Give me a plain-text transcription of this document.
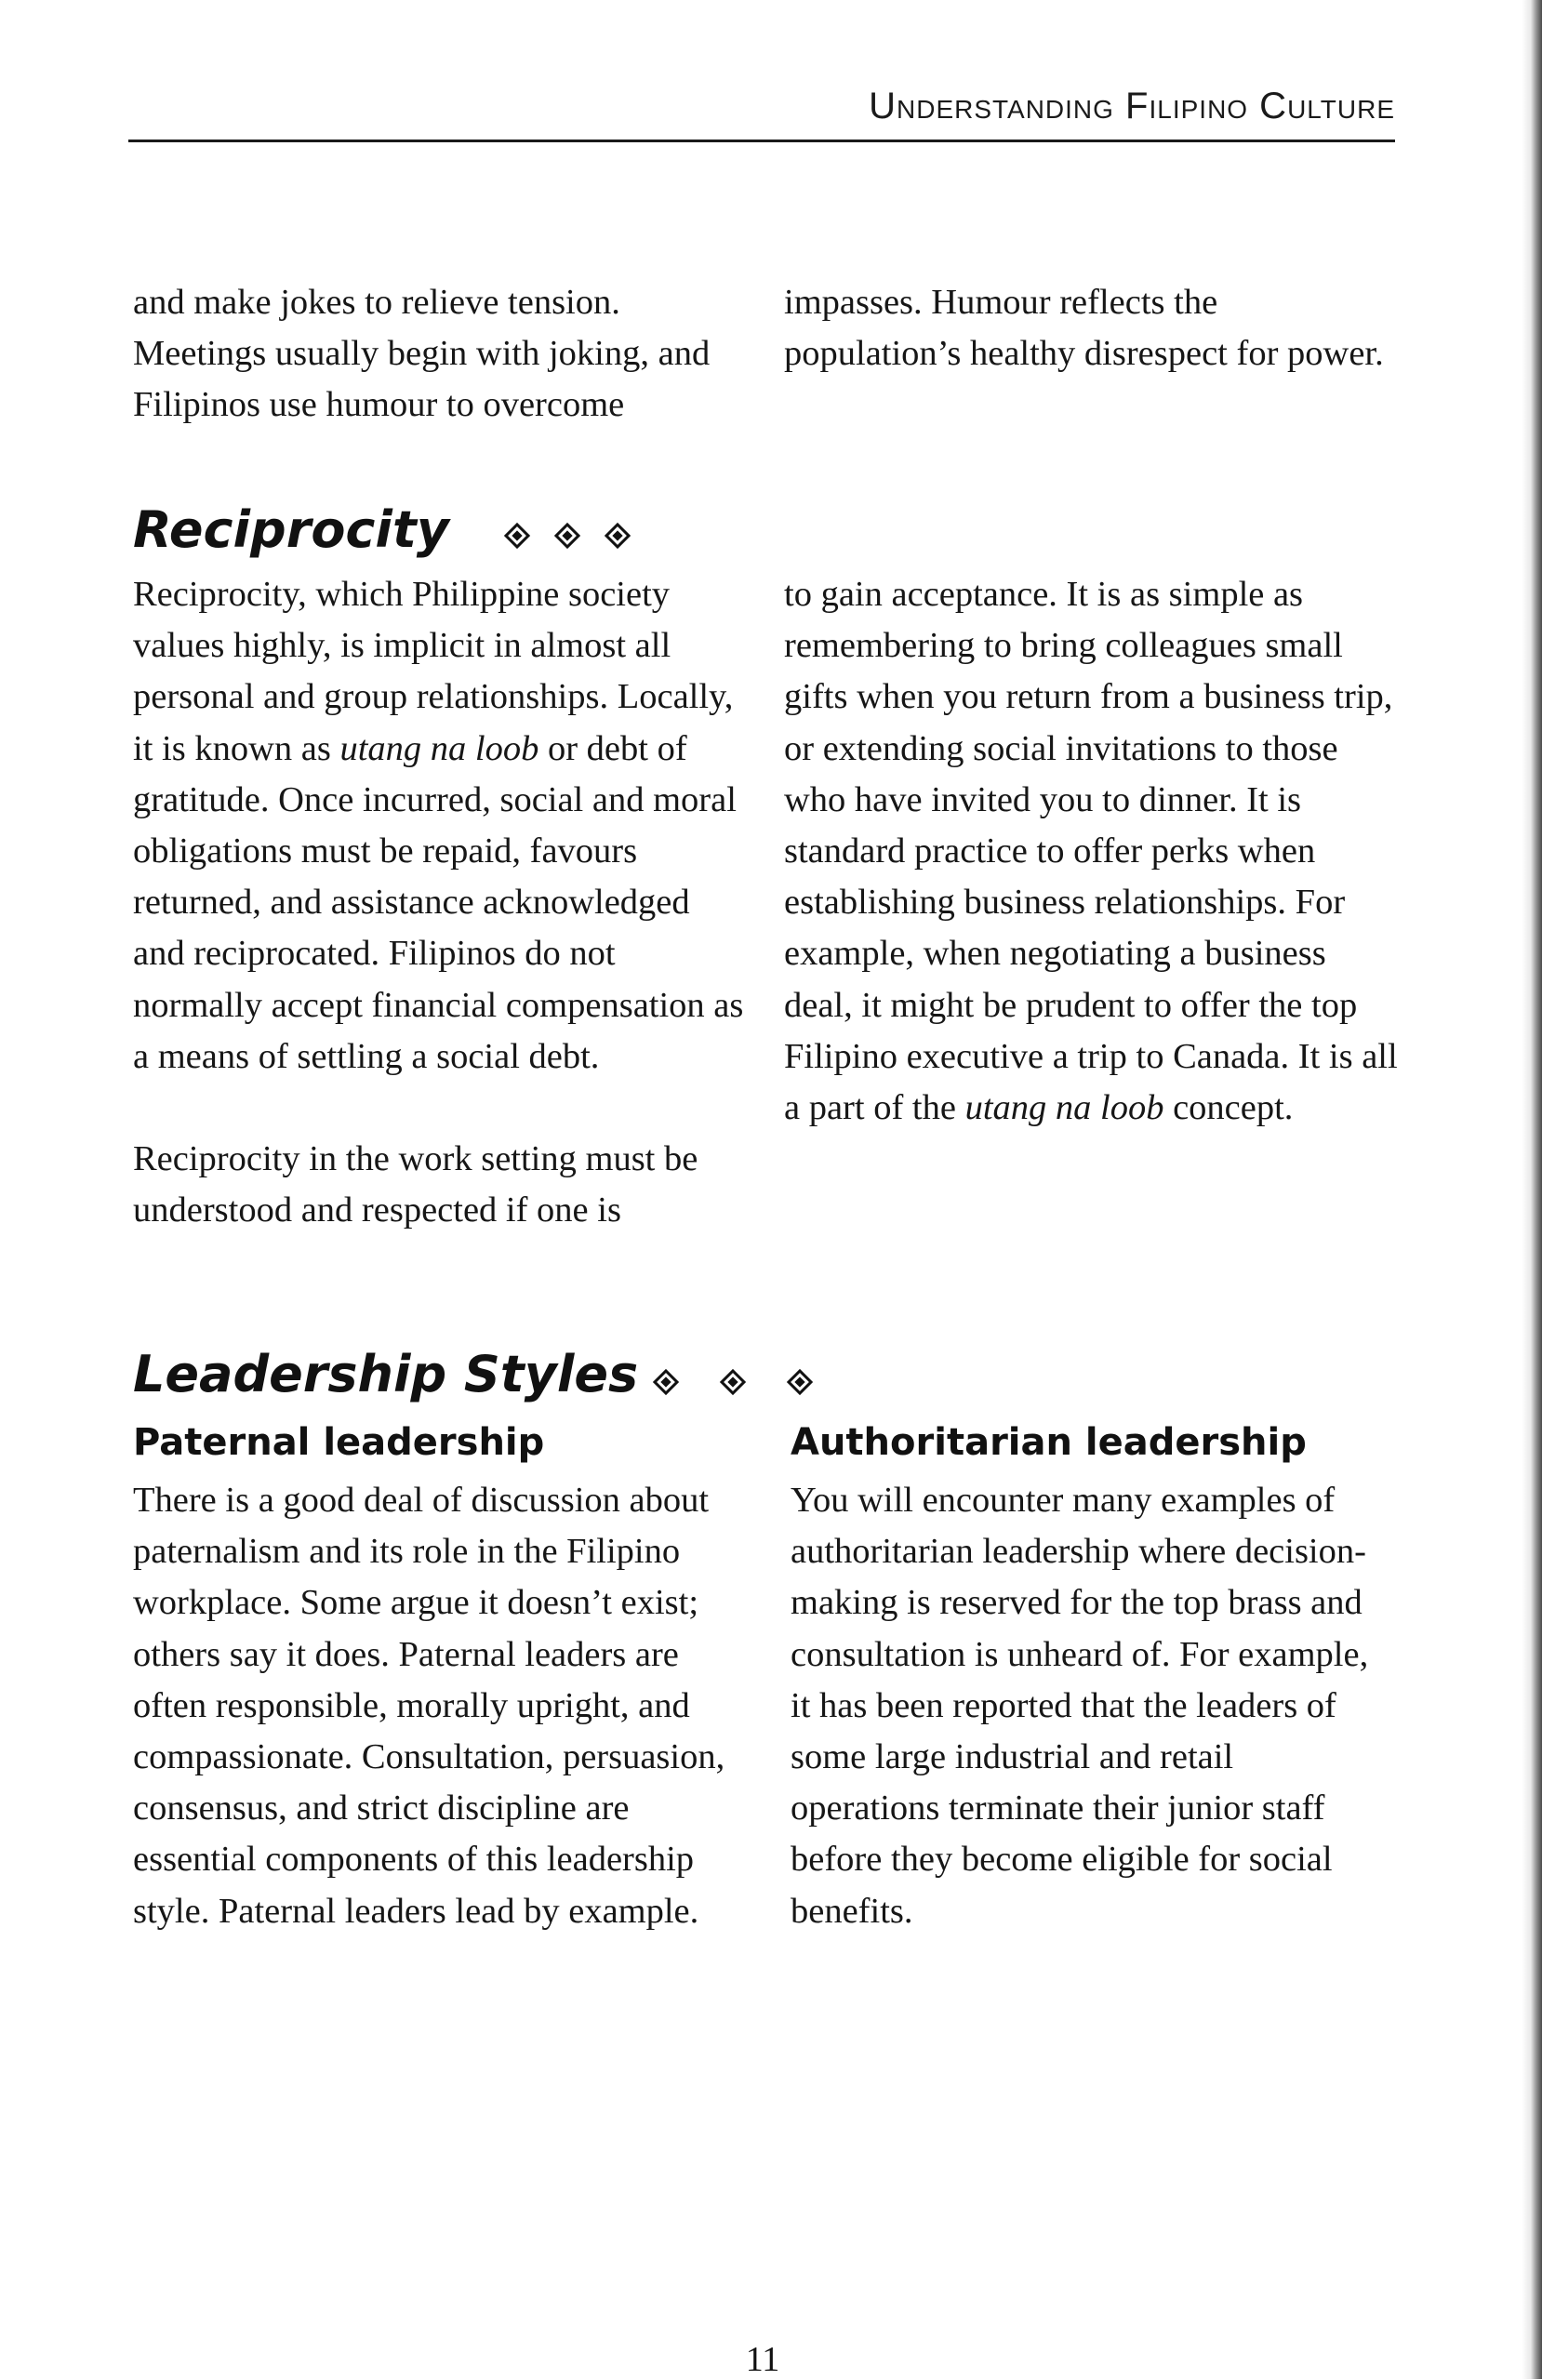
Understanding Filipino Culture

and make jokes to relieve tension. Meetings usually begin with joking, and Filipinos use humour to overcome

impasses. Humour reflects the population’s healthy disrespect for power.

Reciprocity

Reciprocity, which Philippine society values highly, is implicit in almost all personal and group relationships. Locally, it is known as utang na loob or debt of gratitude. Once incurred, social and moral obligations must be repaid, favours returned, and assistance acknowledged and reciprocated. Filipinos do not normally accept financial compensation as a means of settling a social debt.

Reciprocity in the work setting must be understood and respected if one is

to gain acceptance. It is as simple as remembering to bring colleagues small gifts when you return from a business trip, or extending social invitations to those who have invited you to dinner. It is standard practice to offer perks when establishing business relationships. For example, when negotiating a business deal, it might be prudent to offer the top Filipino executive a trip to Canada. It is all a part of the utang na loob concept.

Leadership Styles
Paternal leadership	Authoritarian leadership

There is a good deal of discussion about paternalism and its role in the Filipino workplace. Some argue it doesn’t exist; others say it does. Paternal leaders are often responsible, morally upright, and compassionate. Consultation, persuasion, consensus, and strict discipline are essential components of this leadership style. Paternal leaders lead by example.

You will encounter many examples of authoritarian leadership where decision-making is reserved for the top brass and consultation is unheard of. For example, it has been reported that the leaders of some large industrial and retail operations terminate their junior staff before they become eligible for social benefits.

11
